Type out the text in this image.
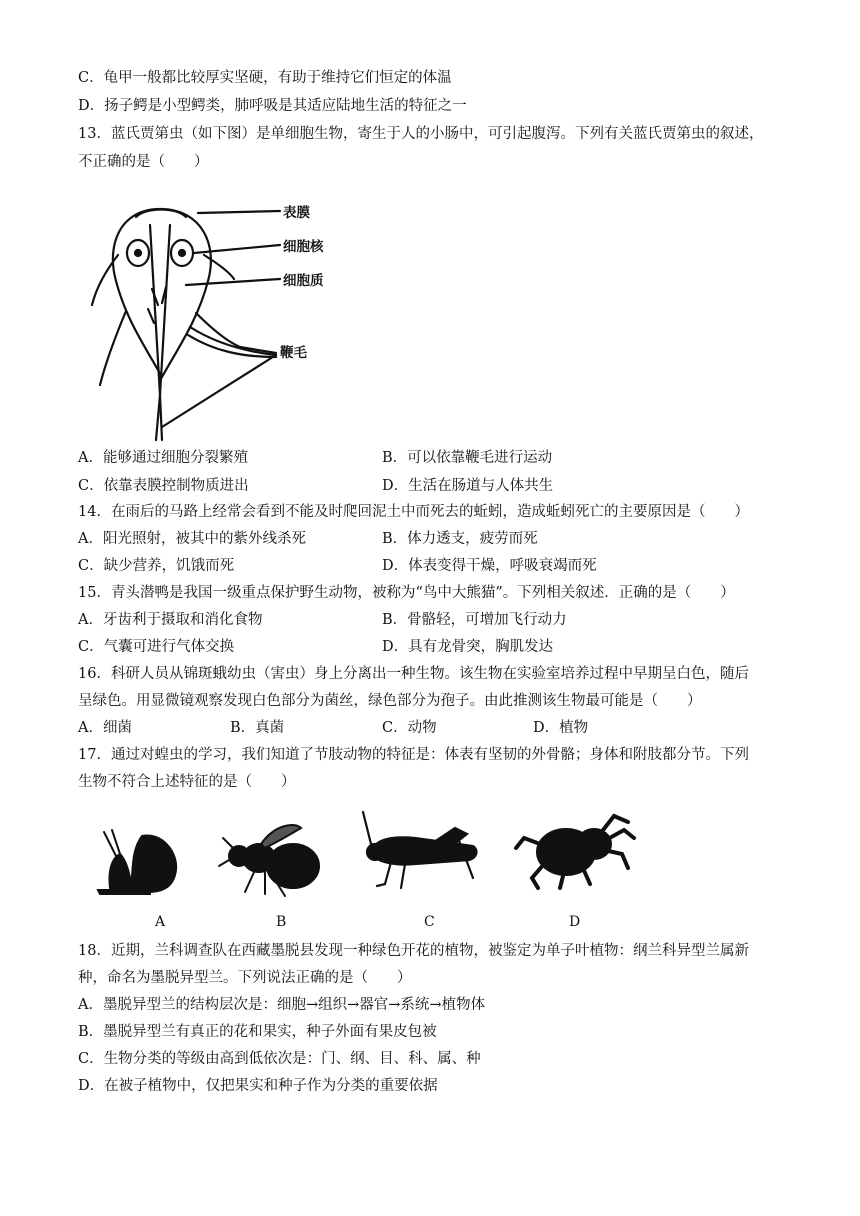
C．龟甲一般都比较厚实坚硬，有助于维持它们恒定的体温
D．扬子鳄是小型鳄类，肺呼吸是其适应陆地生活的特征之一
13．蓝氏贾第虫（如下图）是单细胞生物，寄生于人的小肠中，可引起腹泻。下列有关蓝氏贾第虫的叙述，
不正确的是（　　）
表膜
细胞核
细胞质
鞭毛
A．能够通过细胞分裂繁殖	B．可以依靠鞭毛进行运动
C．依靠表膜控制物质进出	D．生活在肠道与人体共生
14．在雨后的马路上经常会看到不能及时爬回泥土中而死去的蚯蚓，造成蚯蚓死亡的主要原因是（　　）
A．阳光照射，被其中的紫外线杀死	B．体力透支，疲劳而死
C．缺少营养，饥饿而死	D．体表变得干燥，呼吸衰竭而死
15．青头潜鸭是我国一级重点保护野生动物，被称为“鸟中大熊猫”。下列相关叙述．正确的是（　　）
A．牙齿利于摄取和消化食物	B．骨骼轻，可增加飞行动力
C．气囊可进行气体交换	D．具有龙骨突，胸肌发达
16．科研人员从锦斑蛾幼虫（害虫）身上分离出一种生物。该生物在实验室培养过程中早期呈白色，随后
呈绿色。用显微镜观察发现白色部分为菌丝，绿色部分为孢子。由此推测该生物最可能是（　　）
A．细菌	B．真菌	C．动物	D．植物
17．通过对蝗虫的学习，我们知道了节肢动物的特征是：体表有坚韧的外骨骼；身体和附肢都分节。下列
生物不符合上述特征的是（　　）
A	B	C	D
18．近期，兰科调查队在西藏墨脱县发现一种绿色开花的植物，被鉴定为单子叶植物：纲兰科异型兰属新
种，命名为墨脱异型兰。下列说法正确的是（　　）
A．墨脱异型兰的结构层次是：细胞→组织→器官→系统→植物体
B．墨脱异型兰有真正的花和果实，种子外面有果皮包被
C．生物分类的等级由高到低依次是：门、纲、目、科、属、种
D．在被子植物中，仅把果实和种子作为分类的重要依据
